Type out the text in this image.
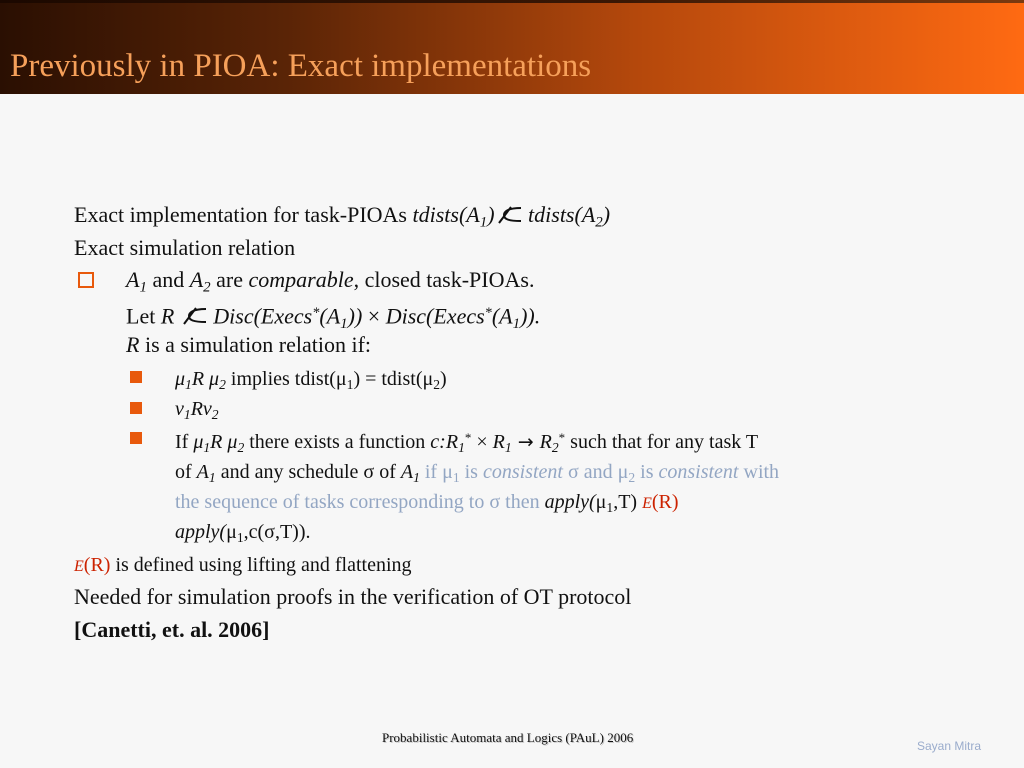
Previously in PIOA: Exact implementations
Exact implementation for task-PIOAs $tdists(A_1)$ $tdists(A_2)$
Exact simulation relation
$A_1$ and $A_2$ are comparable, closed task-PIOAs.
Let R  $Disc(Execs^*(A_1))$ × $Disc(Execs^*(A_1))$.
R is a simulation relation if:
$\mu_1R$ $\mu_2$ implies $tdist(\mu_1)$ = $tdist(\mu_2)$
$v_1Rv_2$
If $\mu_1R$ $\mu_2$ there exists a function $c:R_1^* \times R_1 \to R_2^*$ such that for any task T
of $A_1$ and any schedule σ of $A_1$ if $\mu_1$ is consistent σ and $\mu_2$ is consistent with
the sequence of tasks corresponding to σ then $apply(\mu_1,T)$ E(R)
$apply(\mu_1,c(\sigma,T))$.
E(R) is defined using lifting and flattening
Needed for simulation proofs in the verification of OT protocol
[Canetti, et. al. 2006]
Probabilistic Automata and Logics (PAuL) 2006
Sayan Mitra
